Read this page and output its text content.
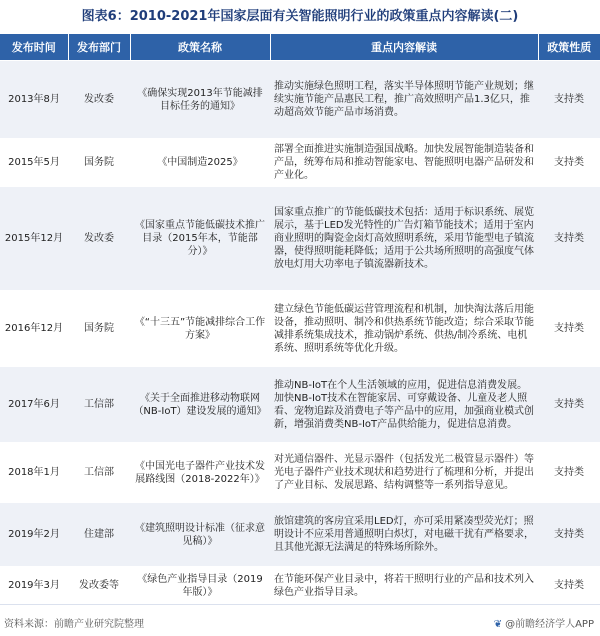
图表6：2010-2021年国家层面有关智能照明行业的政策重点内容解读(二)
发布时间	发布部门	政策名称	重点内容解读	政策性质
2013年8月	发改委	《确保实现2013年节能减排目标任务的通知》	推动实施绿色照明工程，落实半导体照明节能产业规划；继续实施节能产品惠民工程，推广高效照明产品1.3亿只，推动超高效节能产品市场消费。	支持类
2015年5月	国务院	《中国制造2025》	部署全面推进实施制造强国战略。加快发展智能制造装备和产品，统筹布局和推动智能家电、智能照明电器产品研发和产业化。	支持类
2015年12月	发改委	《国家重点节能低碳技术推广目录（2015年本，节能部分）》	国家重点推广的节能低碳技术包括：适用于标识系统、展览展示，基于LED发光特性的广告灯箱节能技术；适用于室内商业照明的陶瓷金卤灯高效照明系统，采用节能型电子镇流器，使得照明能耗降低；适用于公共场所照明的高强度气体放电灯用大功率电子镇流器新技术。	支持类
2016年12月	国务院	《“十三五”节能减排综合工作方案》	建立绿色节能低碳运营管理流程和机制，加快淘汰落后用能设备，推动照明、制冷和供热系统节能改造；综合采取节能减排系统集成技术，推动锅炉系统、供热/制冷系统、电机系统、照明系统等优化升级。	支持类
2017年6月	工信部	《关于全面推进移动物联网（NB-IoT）建设发展的通知》	推动NB-IoT在个人生活领域的应用，促进信息消费发展。加快NB-IoT技术在智能家居、可穿戴设备、儿童及老人照看、宠物追踪及消费电子等产品中的应用，加强商业模式创新，增强消费类NB-IoT产品供给能力，促进信息消费。	支持类
2018年1月	工信部	《中国光电子器件产业技术发展路线图（2018-2022年）》	对光通信器件、光显示器件（包括发光二极管显示器件）等光电子器件产业技术现状和趋势进行了梳理和分析，并提出了产业目标、发展思路、结构调整等一系列指导意见。	支持类
2019年2月	住建部	《建筑照明设计标准（征求意见稿）》	旅馆建筑的客房宜采用LED灯，亦可采用紧凑型荧光灯；照明设计不应采用普通照明白炽灯，对电磁干扰有严格要求，且其他光源无法满足的特殊场所除外。	支持类
2019年3月	发改委等	《绿色产业指导目录（2019年版）》	在节能环保产业目录中，将若干照明行业的产品和技术列入绿色产业指导目录。	支持类
资料来源：前瞻产业研究院整理	❦ @前瞻经济学人APP
